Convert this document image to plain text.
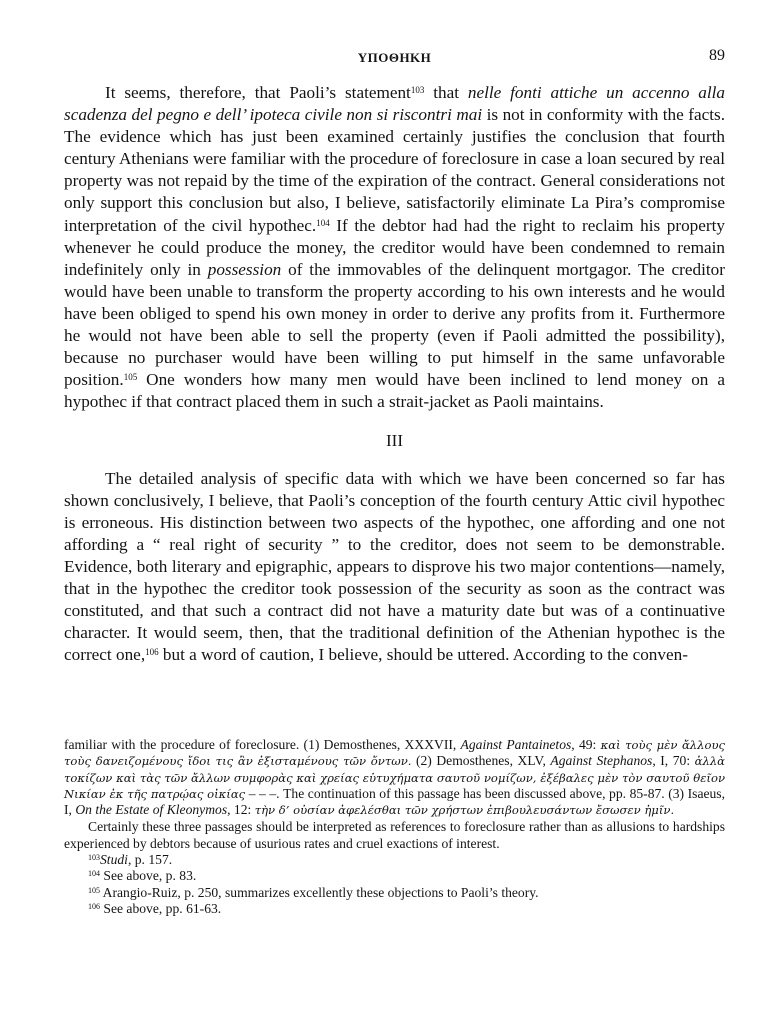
ΥΠΟΘΗΚΗ	89

It seems, therefore, that Paoli’s statement$^{103}$ that nelle fonti attiche un accenno alla scadenza del pegno e dell’ ipoteca civile non si riscontri mai is not in conformity with the facts. The evidence which has just been examined certainly justifies the conclusion that fourth century Athenians were familiar with the procedure of foreclosure in case a loan secured by real property was not repaid by the time of the expiration of the contract. General considerations not only support this conclusion but also, I believe, satisfactorily eliminate La Pira’s compromise interpretation of the civil hypothec.$^{104}$ If the debtor had had the right to reclaim his property whenever he could produce the money, the creditor would have been condemned to remain indefinitely only in possession of the immovables of the delinquent mortgagor. The creditor would have been unable to transform the property according to his own interests and he would have been obliged to spend his own money in order to derive any profits from it. Furthermore he would not have been able to sell the property (even if Paoli admitted the possibility), because no purchaser would have been willing to put himself in the same unfavorable position.$^{105}$ One wonders how many men would have been inclined to lend money on a hypothec if that contract placed them in such a strait-jacket as Paoli maintains.

III

The detailed analysis of specific data with which we have been concerned so far has shown conclusively, I believe, that Paoli’s conception of the fourth century Attic civil hypothec is erroneous. His distinction between two aspects of the hypothec, one affording and one not affording a “ real right of security ” to the creditor, does not seem to be demonstrable. Evidence, both literary and epigraphic, appears to disprove his two major contentions—namely, that in the hypothec the creditor took possession of the security as soon as the contract was constituted, and that such a contract did not have a maturity date but was of a continuative character. It would seem, then, that the traditional definition of the Athenian hypothec is the correct one,$^{106}$ but a word of caution, I believe, should be uttered. According to the conven-

familiar with the procedure of foreclosure. (1) Demosthenes, XXXVII, Against Pantainetos, 49: καὶ τοὺς μὲν ἄλλους τοὺς δανειζομένους ἴδοι τις ἂν ἐξισταμένους τῶν ὄντων. (2) Demosthenes, XLV, Against Stephanos, I, 70: ἀλλὰ τοκίζων καὶ τὰς τῶν ἄλλων συμφορὰς καὶ χρείας εὐτυχήματα σαυτοῦ νομίζων, ἐξέβαλες μὲν τὸν σαυτοῦ θεῖον Νικίαν ἐκ τῆς πατρῴας οἰκίας – – –. The continuation of this passage has been discussed above, pp. 85-87. (3) Isaeus, I, On the Estate of Kleonymos, 12: τὴν δ’ οὐσίαν ἀφελέσθαι τῶν χρήστων ἐπιβουλευσάντων ἔσωσεν ἡμῖν.

Certainly these three passages should be interpreted as references to foreclosure rather than as allusions to hardships experienced by debtors because of usurious rates and cruel exactions of interest.

$^{103}$Studi, p. 157.

$^{104}$ See above, p. 83.

$^{105}$ Arangio-Ruiz, p. 250, summarizes excellently these objections to Paoli’s theory.

$^{106}$ See above, pp. 61-63.
